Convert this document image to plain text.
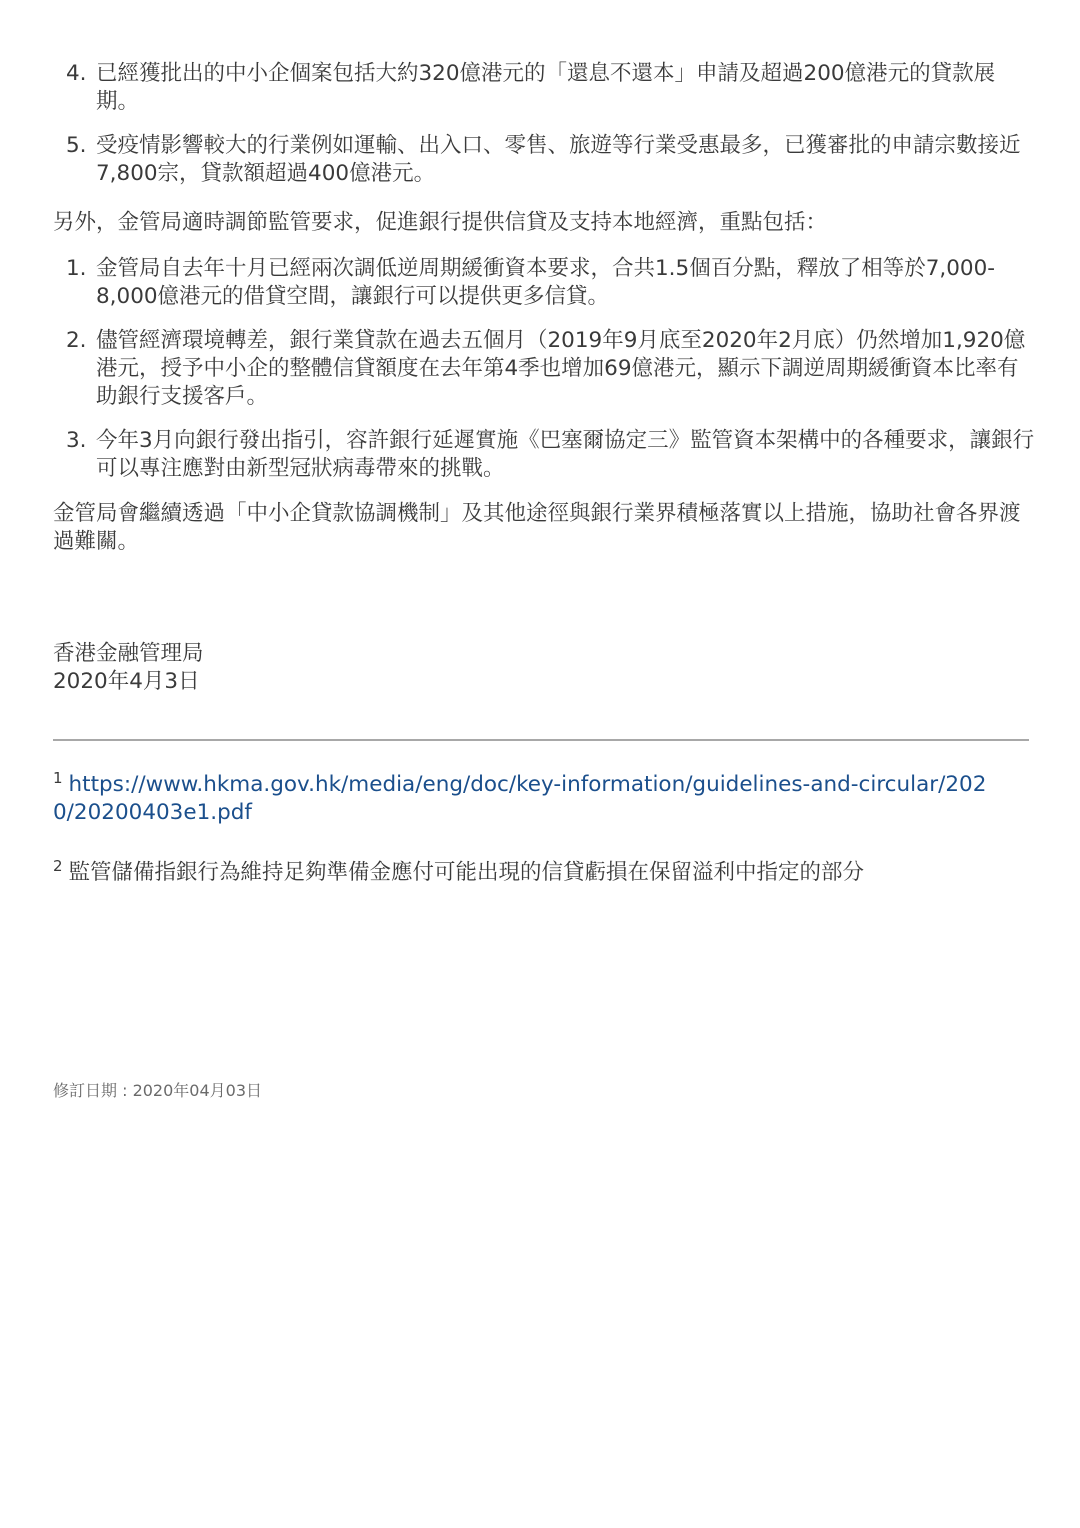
4. 已經獲批出的中小企個案包括大約320億港元的「還息不還本」申請及超過200億港元的貸款展期。
5. 受疫情影響較大的行業例如運輸、出入口、零售、旅遊等行業受惠最多，已獲審批的申請宗數接近7,800宗，貸款額超過400億港元。

另外，金管局適時調節監管要求，促進銀行提供信貸及支持本地經濟，重點包括：

1. 金管局自去年十月已經兩次調低逆周期緩衝資本要求，合共1.5個百分點，釋放了相等於7,000-8,000億港元的借貸空間，讓銀行可以提供更多信貸。
2. 儘管經濟環境轉差，銀行業貸款在過去五個月（2019年9月底至2020年2月底）仍然增加1,920億港元，授予中小企的整體信貸額度在去年第4季也增加69億港元，顯示下調逆周期緩衝資本比率有助銀行支援客戶。
3. 今年3月向銀行發出指引，容許銀行延遲實施《巴塞爾協定三》監管資本架構中的各種要求，讓銀行可以專注應對由新型冠狀病毒帶來的挑戰。

金管局會繼續透過「中小企貸款協調機制」及其他途徑與銀行業界積極落實以上措施，協助社會各界渡過難關。

香港金融管理局
2020年4月3日
$^1$ https://www.hkma.gov.hk/media/eng/doc/key-information/guidelines-and-circular/2020/20200403e1.pdf
$^2$ 監管儲備指銀行為維持足夠準備金應付可能出現的信貸虧損在保留溢利中指定的部分
修訂日期 : 2020年04月03日
